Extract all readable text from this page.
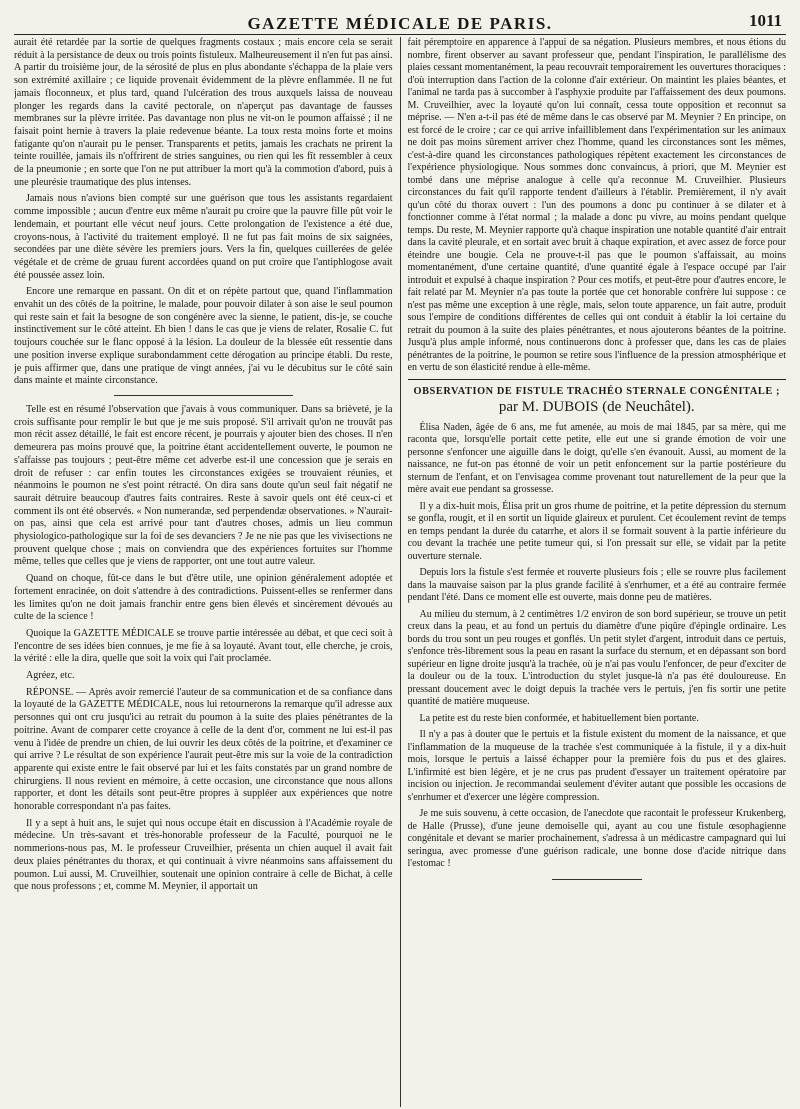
GAZETTE MÉDICALE DE PARIS.	1011

aurait été retardée par la sortie de quelques fragments costaux ; mais encore cela se serait réduit à la persistance de deux ou trois points fistuleux. Malheureusement il n'en fut pas ainsi. A partir du troisième jour, de la sérosité de plus en plus abondante s'échappa de la plaie vers son extrémité axillaire ; ce liquide provenait évidemment de la plèvre enflammée. Il ne fut jamais floconneux, et plus tard, quand l'ulcération des trous auxquels laissa de nouveau plonger les regards dans la cavité pectorale, on n'aperçut pas davantage de fausses membranes sur la plèvre irritée. Pas davantage non plus ne vit-on le poumon affaissé ; il ne faisait point hernie à travers la plaie redevenue béante. La toux resta moins forte et moins fatigante qu'on n'aurait pu le penser. Transparents et petits, jamais les crachats ne prirent la teinte rouillée, jamais ils n'offrirent de stries sanguines, ou rien qui les fît ressembler à ceux de la pneumonie ; en sorte que l'on ne put attribuer la mort qu'à la commotion d'abord, puis à une pleurésie traumatique des plus intenses.

Jamais nous n'avions bien compté sur une guérison que tous les assistants regardaient comme impossible ; aucun d'entre eux même n'aurait pu croire que la pauvre fille pût voir le lendemain, et pourtant elle vécut neuf jours. Cette prolongation de l'existence a été due, croyons-nous, à l'activité du traitement employé. Il ne fut pas fait moins de six saignées, secondées par une diète sévère les premiers jours. Vers la fin, quelques cuillerées de gelée végétale et de crème de gruau furent accordées quand on put croire que l'antiphlogose avait été poussée assez loin.

Encore une remarque en passant. On dit et on répète partout que, quand l'inflammation envahit un des côtés de la poitrine, le malade, pour pouvoir dilater à son aise le seul poumon qui reste sain et fait la besogne de son congénère avec la sienne, le patient, dis-je, se couche instinctivement sur le côté atteint. Eh bien ! dans le cas que je viens de relater, Rosalie C. fut toujours couchée sur le flanc opposé à la lésion. La douleur de la blessée eût ressentie dans une position inverse explique surabondamment cette dérogation au principe établi. Du reste, je puis affirmer que, dans une pratique de vingt années, j'ai vu le décubitus sur le côté sain dans mainte et mainte circonstance.

Telle est en résumé l'observation que j'avais à vous communiquer. Dans sa brièveté, je la crois suffisante pour remplir le but que je me suis proposé. S'il arrivait qu'on ne trouvât pas mon récit assez détaillé, le fait est encore récent, je pourrais y ajouter bien des choses. Il n'en demeurera pas moins prouvé que, la poitrine étant accidentellement ouverte, le poumon ne s'affaisse pas toujours ; peut-être même cet adverbe est-il une concession que je serais en droit de refuser : car enfin toutes les circonstances exigées se trouvaient réunies, et néanmoins le poumon ne s'est point rétracté. On dira sans doute qu'un seul fait négatif ne saurait détruire beaucoup d'autres faits contraires. Reste à savoir quels ont été ceux-ci et comment ils ont été observés. « Non numerandæ, sed perpendendæ observationes. » N'aurait-on pas, ainsi que cela est arrivé pour tant d'autres choses, admis un lieu commun physiologico-pathologique sur la foi de ses devanciers ? Je ne nie pas que les vivisections ne prouvent quelque chose ; mais on conviendra que des expériences fortuites sur l'homme même, telles que celles que je viens de rapporter, ont une tout autre valeur.

Quand on choque, fût-ce dans le but d'être utile, une opinion généralement adoptée et fortement enracinée, on doit s'attendre à des contradictions. Puissent-elles se renfermer dans les limites qu'on ne doit jamais franchir entre gens bien élevés et sincèrement dévoués au culte de la science !

Quoique la GAZETTE MÉDICALE se trouve partie intéressée au débat, et que ceci soit à l'encontre de ses idées bien connues, je me fie à sa loyauté. Avant tout, elle cherche, je crois, la vérité : elle la dira, quelle que soit la voix qui l'ait proclamée.

Agréez, etc.

RÉPONSE. — Après avoir remercié l'auteur de sa communication et de sa confiance dans la loyauté de la GAZETTE MÉDICALE, nous lui retournerons la remarque qu'il adresse aux personnes qui ont cru jusqu'ici au retrait du poumon à la suite des plaies pénétrantes de la poitrine. Avant de comparer cette croyance à celle de la dent d'or, comment ne lui est-il pas venu à l'idée de prendre un chien, de lui ouvrir les deux côtés de la poitrine, et d'examiner ce qui arrive ? Le résultat de son expérience l'aurait peut-être mis sur la voie de la contradiction apparente qui existe entre le fait observé par lui et les faits constatés par un grand nombre de chirurgiens. Il nous revient en mémoire, à cette occasion, une circonstance que nous allons rapporter, et dont les détails sont peut-être propres à suppléer aux expériences que notre honorable correspondant n'a pas faites.

Il y a sept à huit ans, le sujet qui nous occupe était en discussion à l'Académie royale de médecine. Un très-savant et très-honorable professeur de la Faculté, pourquoi ne le nommerions-nous pas, M. le professeur Cruveilhier, présenta un chien auquel il avait fait deux plaies pénétrantes du thorax, et qui continuait à vivre néanmoins sans affaissement du poumon. Lui aussi, M. Cruveilhier, soutenait une opinion contraire à celle de Bichat, à celle que nous professons ; et, comme M. Meynier, il apportait un

fait péremptoire en apparence à l'appui de sa négation. Plusieurs membres, et nous étions du nombre, firent observer au savant professeur que, pendant l'inspiration, le parallélisme des plaies cessant momentanément, la peau recouvrait temporairement les ouvertures thoraciques : d'où interruption dans l'action de la colonne d'air extérieur. On maintint les plaies béantes, et l'animal ne tarda pas à succomber à l'asphyxie produite par l'affaissement des deux poumons. M. Cruveilhier, avec la loyauté qu'on lui connaît, cessa toute opposition et reconnut sa méprise. — N'en a-t-il pas été de même dans le cas observé par M. Meynier ? En principe, on est forcé de le croire ; car ce qui arrive infailliblement dans l'expérimentation sur les animaux ne doit pas moins sûrement arriver chez l'homme, quand les circonstances sont les mêmes, c'est-à-dire quand les circonstances pathologiques répètent exactement les circonstances de l'expérience physiologique. Nous sommes donc convaincus, à priori, que M. Meynier est tombé dans une méprise analogue à celle qu'a reconnue M. Cruveilhier. Plusieurs circonstances du fait qu'il rapporte tendent d'ailleurs à l'établir. Premièrement, il n'y avait qu'un côté du thorax ouvert : l'un des poumons a donc pu continuer à se dilater et à fonctionner comme à l'état normal ; la malade a donc pu vivre, au moins pendant quelque temps. Du reste, M. Meynier rapporte qu'à chaque inspiration une notable quantité d'air entrait dans la cavité pleurale, et en sortait avec bruit à chaque expiration, et avec assez de force pour éteindre une bougie. Cela ne prouve-t-il pas que le poumon s'affaissait, au moins momentanément, d'une certaine quantité, d'une quantité égale à l'espace occupé par l'air introduit et expulsé à chaque inspiration ? Pour ces motifs, et peut-être pour d'autres encore, le fait relaté par M. Meynier n'a pas toute la portée que cet honorable confrère lui suppose : ce n'est pas même une exception à une règle, mais, selon toute apparence, un fait autre, produit sous l'empire de conditions différentes de celles qui ont conduit à établir la loi certaine du retrait du poumon à la suite des plaies pénétrantes, et nous ajouterons béantes de la poitrine. Jusqu'à plus ample informé, nous continuerons donc à professer que, dans les cas de plaies pénétrantes de la poitrine, le poumon se retire sous l'influence de la pression atmosphérique et en vertu de son élasticité rendue à elle-même.

OBSERVATION DE FISTULE TRACHÉO STERNALE CONGÉNITALE ;
par M. DUBOIS (de Neuchâtel).

Élisa Naden, âgée de 6 ans, me fut amenée, au mois de mai 1845, par sa mère, qui me raconta que, lorsqu'elle portait cette petite, elle eut une si grande émotion de voir une personne s'enfoncer une aiguille dans le doigt, qu'elle s'en évanouit. Aussi, au moment de la naissance, ne fut-on pas étonné de voir un petit enfoncement sur la partie postérieure du sternum de l'enfant, et on l'envisagea comme provenant tout naturellement de la peur que la mère avait eue pendant sa grossesse.

Il y a dix-huit mois, Élisa prit un gros rhume de poitrine, et la petite dépression du sternum se gonfla, rougit, et il en sortit un liquide glaireux et purulent. Cet écoulement revint de temps en temps pendant la durée du catarrhe, et alors il se formait souvent à la partie inférieure du cou devant la trachée une petite tumeur qui, si l'on pressait sur elle, se vidait par la petite ouverture sternale.

Depuis lors la fistule s'est fermée et rouverte plusieurs fois ; elle se rouvre plus facilement dans la mauvaise saison par la plus grande facilité à s'enrhumer, et a été au contraire fermée pendant l'été. Dans ce moment elle est ouverte, mais donne peu de matières.

Au milieu du sternum, à 2 centimètres 1/2 environ de son bord supérieur, se trouve un petit creux dans la peau, et au fond un pertuis du diamètre d'une piqûre d'épingle ordinaire. Les bords du trou sont un peu rouges et gonflés. Un petit stylet d'argent, introduit dans ce pertuis, s'enfonce très-librement sous la peau en rasant la surface du sternum, et en dépassant son bord supérieur en ligne droite jusqu'à la trachée, où je n'ai pas voulu l'enfoncer, de peur d'exciter de la douleur ou de la toux. L'introduction du stylet jusque-là n'a pas été douloureuse. En pressant doucement avec le doigt depuis la trachée vers le pertuis, j'en fis sortir une petite quantité de matière muqueuse.

La petite est du reste bien conformée, et habituellement bien portante.

Il n'y a pas à douter que le pertuis et la fistule existent du moment de la naissance, et que l'inflammation de la muqueuse de la trachée s'est communiquée à la fistule, il y a dix-huit mois, lorsque le pertuis a laissé échapper pour la première fois du pus et des glaires. L'infirmité est bien légère, et je ne crus pas prudent d'essayer un traitement opératoire par incision ou injection. Je recommandai seulement d'éviter autant que possible les occasions de s'enrhumer et d'exercer une légère compression.

Je me suis souvenu, à cette occasion, de l'anecdote que racontait le professeur Krukenberg, de Halle (Prusse), d'une jeune demoiselle qui, ayant au cou une fistule œsophagienne congénitale et devant se marier prochainement, s'adressa à un médicastre campagnard qui lui seringua, avec promesse d'une guérison radicale, une bonne dose d'acide nitrique dans l'estomac !
